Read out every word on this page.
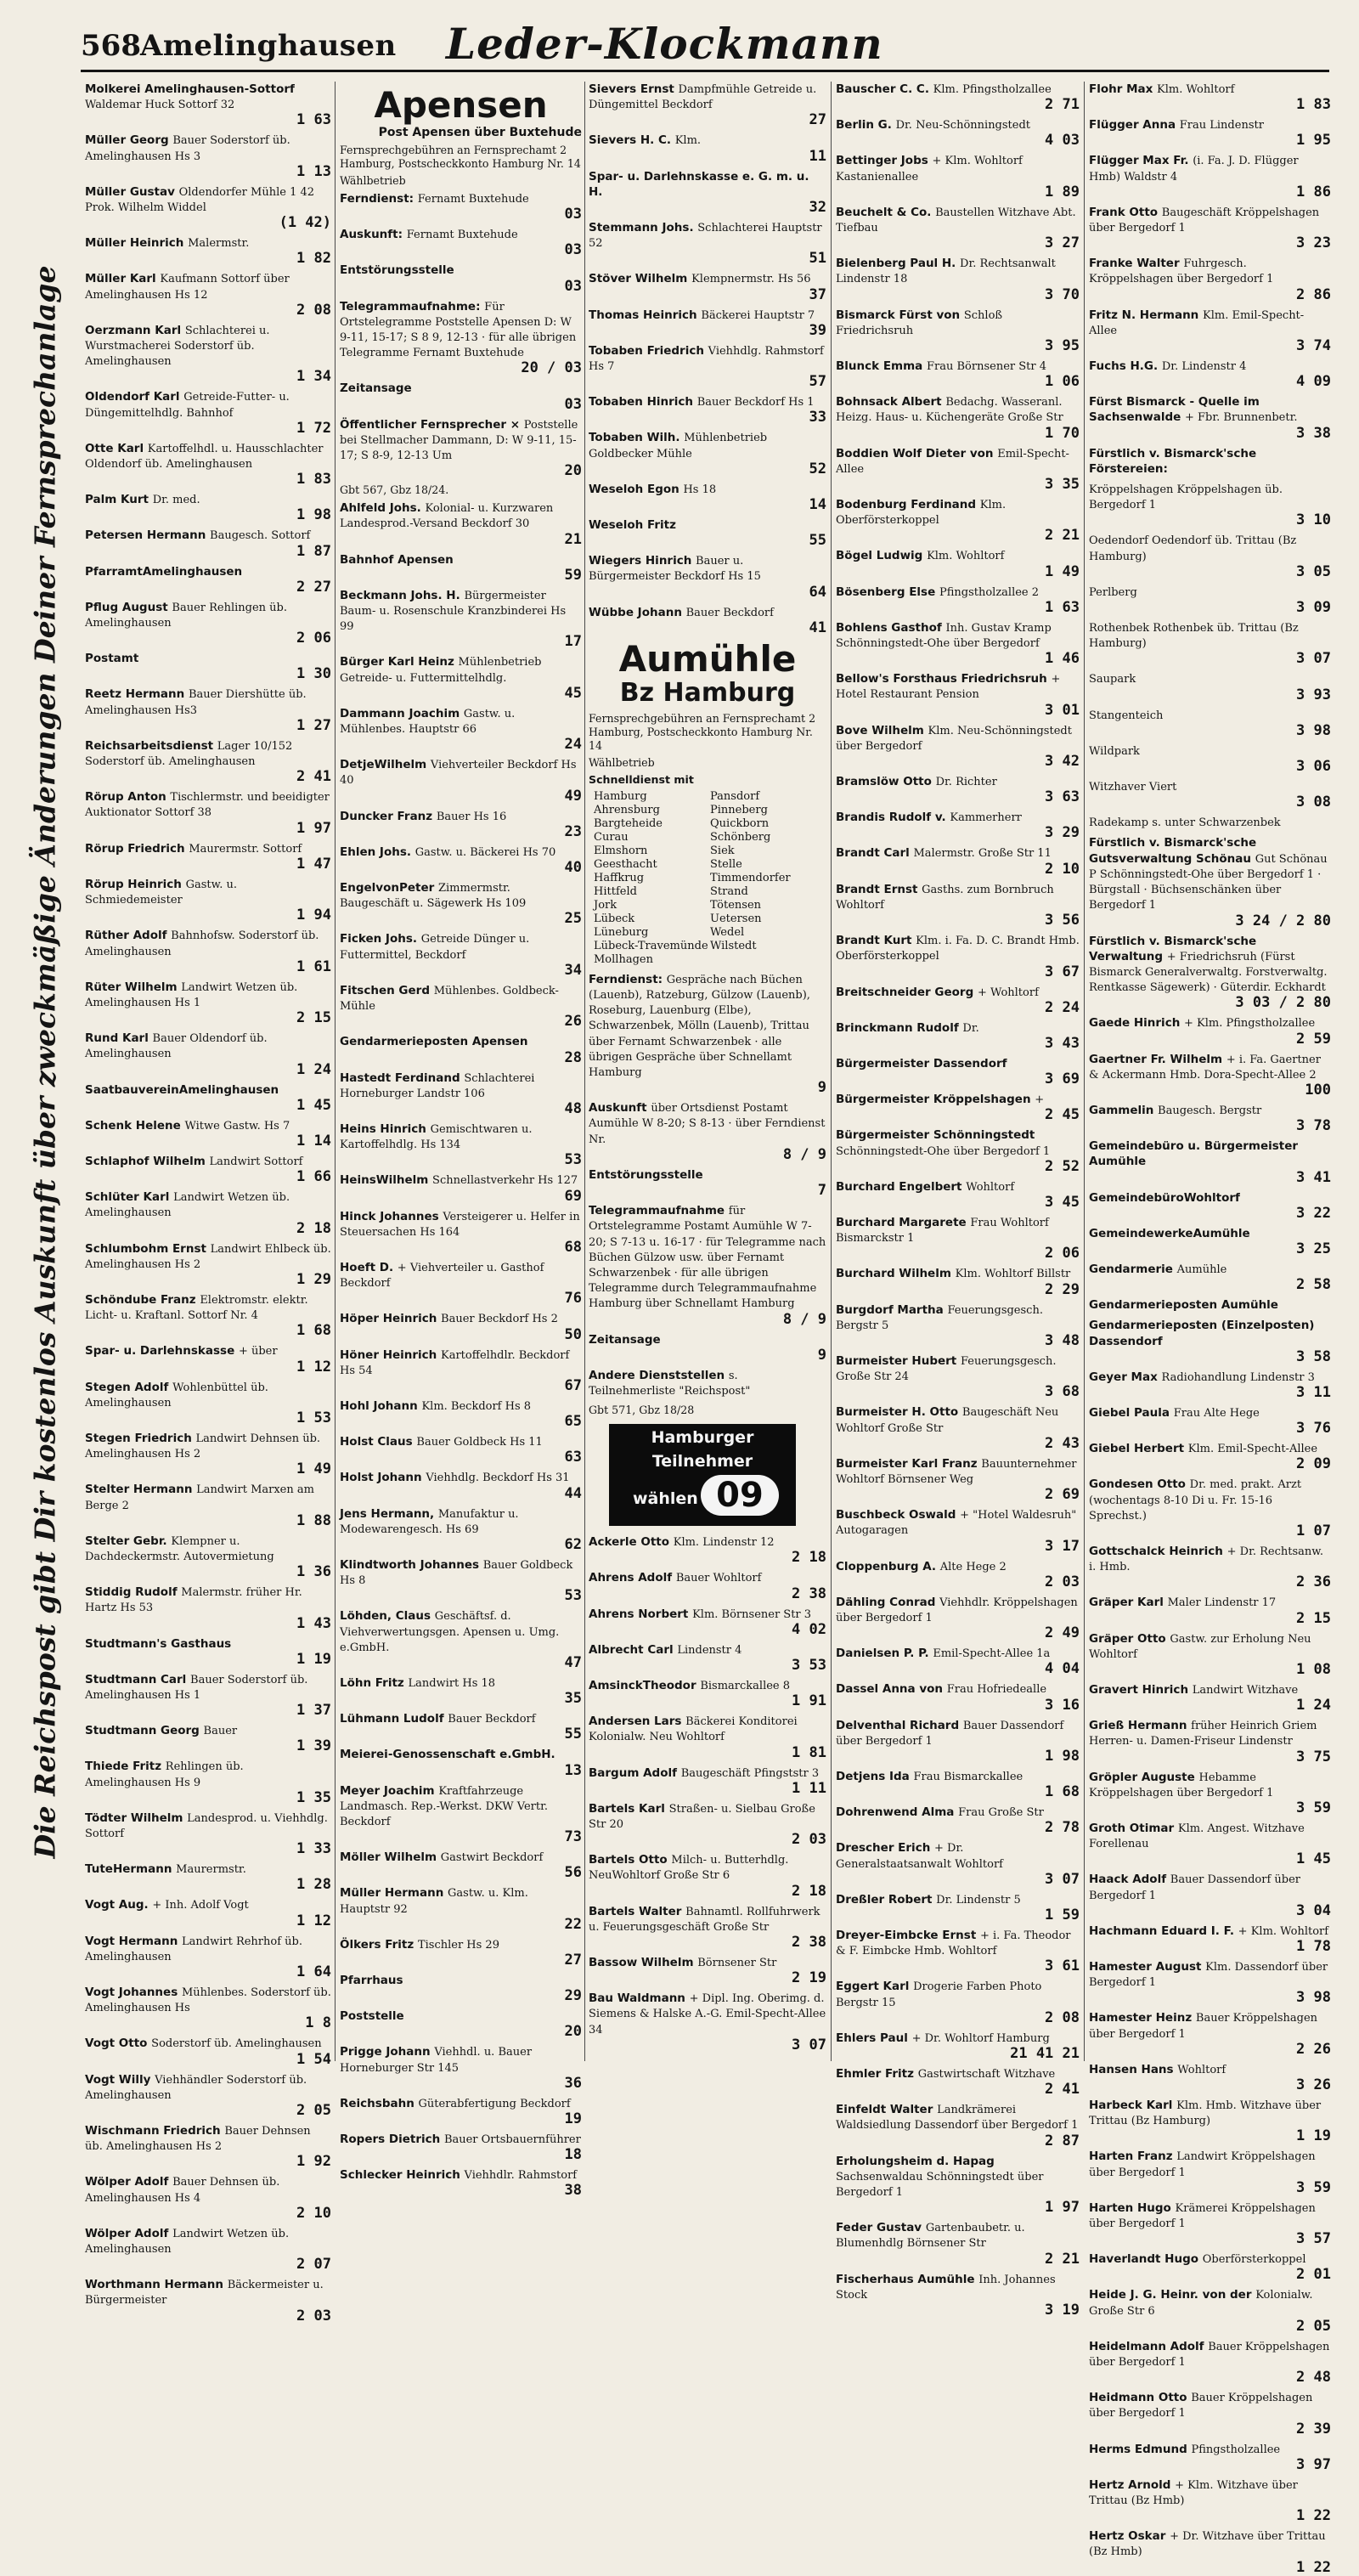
568 Amelinghausen Leder-Klockmann
Die Reichspost gibt Dir kostenlos Auskunft über zweckmäßige Änderungen Deiner Fernsprechanlage
Molkerei Amelinghausen-Sottorf Waldemar Huck Sottorf 32
1 63
Müller Georg Bauer Soderstorf üb. Amelinghausen Hs 3
1 13
Müller Gustav Oldendorfer Mühle 1 42 Prok. Wilhelm Widdel
(1 42)
Müller Heinrich Malermstr.
1 82
Müller Karl Kaufmann Sottorf über Amelinghausen Hs 12
2 08
Oerzmann Karl Schlachterei u. Wurstmacherei Soderstorf üb. Amelinghausen
1 34
Oldendorf Karl Getreide-Futter- u. Düngemittelhdlg. Bahnhof
1 72
Otte Karl Kartoffelhdl. u. Hausschlachter Oldendorf üb. Amelinghausen
1 83
Palm Kurt Dr. med.
1 98
Petersen Hermann Baugesch. Sottorf
1 87
PfarramtAmelinghausen
2 27
Pflug August Bauer Rehlingen üb. Amelinghausen
2 06
Postamt
1 30
Reetz Hermann Bauer Diershütte üb. Amelinghausen Hs3
1 27
Reichsarbeitsdienst Lager 10/152 Soderstorf üb. Amelinghausen
2 41
Rörup Anton Tischlermstr. und beeidigter Auktionator Sottorf 38
1 97
Rörup Friedrich Maurermstr. Sottorf
1 47
Rörup Heinrich Gastw. u. Schmiedemeister
1 94
Rüther Adolf Bahnhofsw. Soderstorf üb. Amelinghausen
1 61
Rüter Wilhelm Landwirt Wetzen üb. Amelinghausen Hs 1
2 15
Rund Karl Bauer Oldendorf üb. Amelinghausen
1 24
SaatbauvereinAmelinghausen
1 45
Schenk Helene Witwe Gastw. Hs 7
1 14
Schlaphof Wilhelm Landwirt Sottorf
1 66
Schlüter Karl Landwirt Wetzen üb. Amelinghausen
2 18
Schlumbohm Ernst Landwirt Ehlbeck üb. Amelinghausen Hs 2
1 29
Schöndube Franz Elektromstr. elektr. Licht- u. Kraftanl. Sottorf Nr. 4
1 68
Spar- u. Darlehnskasse + über
1 12
Stegen Adolf Wohlenbüttel üb. Amelinghausen
1 53
Stegen Friedrich Landwirt Dehnsen üb. Amelinghausen Hs 2
1 49
Stelter Hermann Landwirt Marxen am Berge 2
1 88
Stelter Gebr. Klempner u. Dachdeckermstr. Autovermietung
1 36
Stiddig Rudolf Malermstr. früher Hr. Hartz Hs 53
1 43
Studtmann's Gasthaus
1 19
Studtmann Carl Bauer Soderstorf üb. Amelinghausen Hs 1
1 37
Studtmann Georg Bauer
1 39
Thiede Fritz Rehlingen üb. Amelinghausen Hs 9
1 35
Tödter Wilhelm Landesprod. u. Viehhdlg. Sottorf
1 33
TuteHermann Maurermstr.
1 28
Vogt Aug. + Inh. Adolf Vogt
1 12
Vogt Hermann Landwirt Rehrhof üb. Amelinghausen
1 64
Vogt Johannes Mühlenbes. Soderstorf üb. Amelinghausen Hs
1 8
Vogt Otto Soderstorf üb. Amelinghausen
1 54
Vogt Willy Viehhändler Soderstorf üb. Amelinghausen
2 05
Wischmann Friedrich Bauer Dehnsen üb. Amelinghausen Hs 2
1 92
Wölper Adolf Bauer Dehnsen üb. Amelinghausen Hs 4
2 10
Wölper Adolf Landwirt Wetzen üb. Amelinghausen
2 07
Worthmann Hermann Bäckermeister u. Bürgermeister
2 03
Apensen
Post Apensen über Buxtehude
Fernsprechgebühren an Fernsprechamt 2 Hamburg, Postscheckkonto Hamburg Nr. 14
Wählbetrieb
Ferndienst: Fernamt Buxtehude
03
Auskunft: Fernamt Buxtehude
03
Entstörungsstelle
03
Telegrammaufnahme: Für Ortstelegramme Poststelle Apensen D: W 9-11, 15-17; S 8 9, 12-13 · für alle übrigen Telegramme Fernamt Buxtehude
20 / 03
Zeitansage
03
Öffentlicher Fernsprecher × Poststelle bei Stellmacher Dammann, D: W 9-11, 15-17; S 8-9, 12-13 Um
20
Gbt 567, Gbz 18/24.
Ahlfeld Johs. Kolonial- u. Kurzwaren Landesprod.-Versand Beckdorf 30
21
Bahnhof Apensen
59
Beckmann Johs. H. Bürgermeister Baum- u. Rosenschule Kranzbinderei Hs 99
17
Bürger Karl Heinz Mühlenbetrieb Getreide- u. Futtermittelhdlg.
45
Dammann Joachim Gastw. u. Mühlenbes. Hauptstr 66
24
DetjeWilhelm Viehverteiler Beckdorf Hs 40
49
Duncker Franz Bauer Hs 16
23
Ehlen Johs. Gastw. u. Bäckerei Hs 70
40
EngelvonPeter Zimmermstr. Baugeschäft u. Sägewerk Hs 109
25
Ficken Johs. Getreide Dünger u. Futtermittel, Beckdorf
34
Fitschen Gerd Mühlenbes. Goldbeck-Mühle
26
Gendarmerieposten Apensen
28
Hastedt Ferdinand Schlachterei Horneburger Landstr 106
48
Heins Hinrich Gemischtwaren u. Kartoffelhdlg. Hs 134
53
HeinsWilhelm Schnellastverkehr Hs 127
69
Hinck Johannes Versteigerer u. Helfer in Steuersachen Hs 164
68
Hoeft D. + Viehverteiler u. Gasthof Beckdorf
76
Höper Heinrich Bauer Beckdorf Hs 2
50
Höner Heinrich Kartoffelhdlr. Beckdorf Hs 54
67
Hohl Johann Klm. Beckdorf Hs 8
65
Holst Claus Bauer Goldbeck Hs 11
63
Holst Johann Viehhdlg. Beckdorf Hs 31
44
Jens Hermann, Manufaktur u. Modewarengesch. Hs 69
62
Klindtworth Johannes Bauer Goldbeck Hs 8
53
Löhden, Claus Geschäftsf. d. Viehverwertungsgen. Apensen u. Umg. e.GmbH.
47
Löhn Fritz Landwirt Hs 18
35
Lühmann Ludolf Bauer Beckdorf
55
Meierei-Genossenschaft e.GmbH.
13
Meyer Joachim Kraftfahrzeuge Landmasch. Rep.-Werkst. DKW Vertr. Beckdorf
73
Möller Wilhelm Gastwirt Beckdorf
56
Müller Hermann Gastw. u. Klm. Hauptstr 92
22
Ölkers Fritz Tischler Hs 29
27
Pfarrhaus
29
Poststelle
20
Prigge Johann Viehhdl. u. Bauer Horneburger Str 145
36
Reichsbahn Güterabfertigung Beckdorf
19
Ropers Dietrich Bauer Ortsbauernführer
18
Schlecker Heinrich Viehhdlr. Rahmstorf
38
Sievers Ernst Dampfmühle Getreide u. Düngemittel Beckdorf
27
Sievers H. C. Klm.
11
Spar- u. Darlehnskasse e. G. m. u. H.
32
Stemmann Johs. Schlachterei Hauptstr 52
51
Stöver Wilhelm Klempnermstr. Hs 56
37
Thomas Heinrich Bäckerei Hauptstr 7
39
Tobaben Friedrich Viehhdlg. Rahmstorf Hs 7
57
Tobaben Hinrich Bauer Beckdorf Hs 1
33
Tobaben Wilh. Mühlenbetrieb Goldbecker Mühle
52
Weseloh Egon Hs 18
14
Weseloh Fritz
55
Wiegers Hinrich Bauer u. Bürgermeister Beckdorf Hs 15
64
Wübbe Johann Bauer Beckdorf
41
Aumühle
Bz Hamburg
Fernsprechgebühren an Fernsprechamt 2 Hamburg, Postscheckkonto Hamburg Nr. 14
Wählbetrieb
Schnelldienst mit
Hamburg	Pansdorf
Ahrensburg	Pinneberg
Bargteheide	Quickborn
Curau	Schönberg
Elmshorn	Siek
Geesthacht	Stelle
Haffkrug	Timmendorfer
Hittfeld	Strand
Jork	Tötensen
Lübeck	Uetersen
Lüneburg	Wedel
Lübeck-Travemünde Wilstedt
Mollhagen
Ferndienst: Gespräche nach Büchen (Lauenb), Ratzeburg, Gülzow (Lauenb), Roseburg, Lauenburg (Elbe), Schwarzenbek, Mölln (Lauenb), Trittau über Fernamt Schwarzenbek · alle übrigen Gespräche über Schnellamt Hamburg
9
Auskunft über Ortsdienst Postamt Aumühle W 8-20; S 8-13 · über Ferndienst Nr.
8 / 9
Entstörungsstelle
7
Telegrammaufnahme für Ortstelegramme Postamt Aumühle W 7-20; S 7-13 u. 16-17 · für Telegramme nach Büchen Gülzow usw. über Fernamt Schwarzenbek · für alle übrigen Telegramme durch Telegrammaufnahme Hamburg über Schnellamt Hamburg
8 / 9
Zeitansage
9
Andere Dienststellen s. Teilnehmerliste "Reichspost"
Gbt 571, Gbz 18/28
Hamburger
Teilnehmer
wählen 09
Ackerle Otto Klm. Lindenstr 12
2 18
Ahrens Adolf Bauer Wohltorf
2 38
Ahrens Norbert Klm. Börnsener Str 3
4 02
Albrecht Carl Lindenstr 4
3 53
AmsinckTheodor Bismarckallee 8
1 91
Andersen Lars Bäckerei Konditorei Kolonialw. Neu Wohltorf
1 81
Bargum Adolf Baugeschäft Pfingststr 3
1 11
Bartels Karl Straßen- u. Sielbau Große Str 20
2 03
Bartels Otto Milch- u. Butterhdlg. NeuWohltorf Große Str 6
2 18
Bartels Walter Bahnamtl. Rollfuhrwerk u. Feuerungsgeschäft Große Str
2 38
Bassow Wilhelm Börnsener Str
2 19
Bau Waldmann + Dipl. Ing. Oberimg. d. Siemens & Halske A.-G. Emil-Specht-Allee 34
3 07
Bauscher C. C. Klm. Pfingstholzallee
2 71
Berlin G. Dr. Neu-Schönningstedt
4 03
Bettinger Jobs + Klm. Wohltorf Kastanienallee
1 89
Beuchelt & Co. Baustellen Witzhave Abt. Tiefbau
3 27
Bielenberg Paul H. Dr. Rechtsanwalt Lindenstr 18
3 70
Bismarck Fürst von Schloß Friedrichsruh
3 95
Blunck Emma Frau Börnsener Str 4
1 06
Bohnsack Albert Bedachg. Wasseranl. Heizg. Haus- u. Küchengeräte Große Str
1 70
Boddien Wolf Dieter von Emil-Specht-Allee
3 35
Bodenburg Ferdinand Klm. Oberförsterkoppel
2 21
Bögel Ludwig Klm. Wohltorf
1 49
Bösenberg Else Pfingstholzallee 2
1 63
Bohlens Gasthof Inh. Gustav Kramp Schönningstedt-Ohe über Bergedorf
1 46
Bellow's Forsthaus Friedrichsruh + Hotel Restaurant Pension
3 01
Bove Wilhelm Klm. Neu-Schönningstedt über Bergedorf
3 42
Bramslöw Otto Dr. Richter
3 63
Brandis Rudolf v. Kammerherr
3 29
Brandt Carl Malermstr. Große Str 11
2 10
Brandt Ernst Gasths. zum Bornbruch Wohltorf
3 56
Brandt Kurt Klm. i. Fa. D. C. Brandt Hmb. Oberförsterkoppel
3 67
Breitschneider Georg + Wohltorf
2 24
Brinckmann Rudolf Dr.
3 43
Bürgermeister Dassendorf
3 69
Bürgermeister Kröppelshagen +
2 45
Bürgermeister Schönningstedt Schönningstedt-Ohe über Bergedorf 1
2 52
Burchard Engelbert Wohltorf
3 45
Burchard Margarete Frau Wohltorf Bismarckstr 1
2 06
Burchard Wilhelm Klm. Wohltorf Billstr
2 29
Burgdorf Martha Feuerungsgesch. Bergstr 5
3 48
Burmeister Hubert Feuerungsgesch. Große Str 24
3 68
Burmeister H. Otto Baugeschäft Neu Wohltorf Große Str
2 43
Burmeister Karl Franz Bauunternehmer Wohltorf Börnsener Weg
2 69
Buschbeck Oswald + "Hotel Waldesruh" Autogaragen
3 17
Cloppenburg A. Alte Hege 2
2 03
Dähling Conrad Viehhdlr. Kröppelshagen über Bergedorf 1
2 49
Danielsen P. P. Emil-Specht-Allee 1a
4 04
Dassel Anna von Frau Hofriedealle
3 16
Delventhal Richard Bauer Dassendorf über Bergedorf 1
1 98
Detjens Ida Frau Bismarckallee
1 68
Dohrenwend Alma Frau Große Str
2 78
Drescher Erich + Dr. Generalstaatsanwalt Wohltorf
3 07
Dreßler Robert Dr. Lindenstr 5
1 59
Dreyer-Eimbcke Ernst + i. Fa. Theodor & F. Eimbcke Hmb. Wohltorf
3 61
Eggert Karl Drogerie Farben Photo Bergstr 15
2 08
Ehlers Paul + Dr. Wohltorf Hamburg
21 41 21
Ehmler Fritz Gastwirtschaft Witzhave
2 41
Einfeldt Walter Landkrämerei Waldsiedlung Dassendorf über Bergedorf 1
2 87
Erholungsheim d. Hapag Sachsenwaldau Schönningstedt über Bergedorf 1
1 97
Feder Gustav Gartenbaubetr. u. Blumenhdlg Börnsener Str
2 21
Fischerhaus Aumühle Inh. Johannes Stock
3 19
Flohr Max Klm. Wohltorf
1 83
Flügger Anna Frau Lindenstr
1 95
Flügger Max Fr. (i. Fa. J. D. Flügger Hmb) Waldstr 4
1 86
Frank Otto Baugeschäft Kröppelshagen über Bergedorf 1
3 23
Franke Walter Fuhrgesch. Kröppelshagen über Bergedorf 1
2 86
Fritz N. Hermann Klm. Emil-Specht-Allee
3 74
Fuchs H.G. Dr. Lindenstr 4
4 09
Fürst Bismarck - Quelle im Sachsenwalde + Fbr. Brunnenbetr.
3 38
Fürstlich v. Bismarck'sche Förstereien:
Kröppelshagen Kröppelshagen üb. Bergedorf 1
3 10
Oedendorf Oedendorf üb. Trittau (Bz Hamburg)
3 05
Perlberg
3 09
Rothenbek Rothenbek üb. Trittau (Bz Hamburg)
3 07
Saupark
3 93
Stangenteich
3 98
Wildpark
3 06
Witzhaver Viert
3 08
Radekamp s. unter Schwarzenbek
Fürstlich v. Bismarck'sche Gutsverwaltung Schönau Gut Schönau P Schönningstedt-Ohe über Bergedorf 1 · Bürgstall · Büchsenschänken über Bergedorf 1
3 24 / 2 80
Fürstlich v. Bismarck'sche Verwaltung + Friedrichsruh (Fürst Bismarck Generalverwaltg. Forstverwaltg. Rentkasse Sägewerk) · Güterdir. Eckhardt
3 03 / 2 80
Gaede Hinrich + Klm. Pfingstholzallee
2 59
Gaertner Fr. Wilhelm + i. Fa. Gaertner & Ackermann Hmb. Dora-Specht-Allee 2
100
Gammelin Baugesch. Bergstr
3 78
Gemeindebüro u. Bürgermeister Aumühle
3 41
GemeindebüroWohltorf
3 22
GemeindewerkeAumühle
3 25
Gendarmerie Aumühle
2 58
Gendarmerieposten Aumühle
Gendarmerieposten (Einzelposten) Dassendorf
3 58
Geyer Max Radiohandlung Lindenstr 3
3 11
Giebel Paula Frau Alte Hege
3 76
Giebel Herbert Klm. Emil-Specht-Allee
2 09
Gondesen Otto Dr. med. prakt. Arzt (wochentags 8-10 Di u. Fr. 15-16 Sprechst.)
1 07
Gottschalck Heinrich + Dr. Rechtsanw. i. Hmb.
2 36
Gräper Karl Maler Lindenstr 17
2 15
Gräper Otto Gastw. zur Erholung Neu Wohltorf
1 08
Gravert Hinrich Landwirt Witzhave
1 24
Grieß Hermann früher Heinrich Griem Herren- u. Damen-Friseur Lindenstr
3 75
Gröpler Auguste Hebamme Kröppelshagen über Bergedorf 1
3 59
Groth Otimar Klm. Angest. Witzhave Forellenau
1 45
Haack Adolf Bauer Dassendorf über Bergedorf 1
3 04
Hachmann Eduard I. F. + Klm. Wohltorf
1 78
Hamester August Klm. Dassendorf über Bergedorf 1
3 98
Hamester Heinz Bauer Kröppelshagen über Bergedorf 1
2 26
Hansen Hans Wohltorf
3 26
Harbeck Karl Klm. Hmb. Witzhave über Trittau (Bz Hamburg)
1 19
Harten Franz Landwirt Kröppelshagen über Bergedorf 1
3 59
Harten Hugo Krämerei Kröppelshagen über Bergedorf 1
3 57
Haverlandt Hugo Oberförsterkoppel
2 01
Heide J. G. Heinr. von der Kolonialw. Große Str 6
2 05
Heidelmann Adolf Bauer Kröppelshagen über Bergedorf 1
2 48
Heidmann Otto Bauer Kröppelshagen über Bergedorf 1
2 39
Herms Edmund Pfingstholzallee
3 97
Hertz Arnold + Klm. Witzhave über Trittau (Bz Hmb)
1 22
Hertz Oskar + Dr. Witzhave über Trittau (Bz Hmb)
1 22
